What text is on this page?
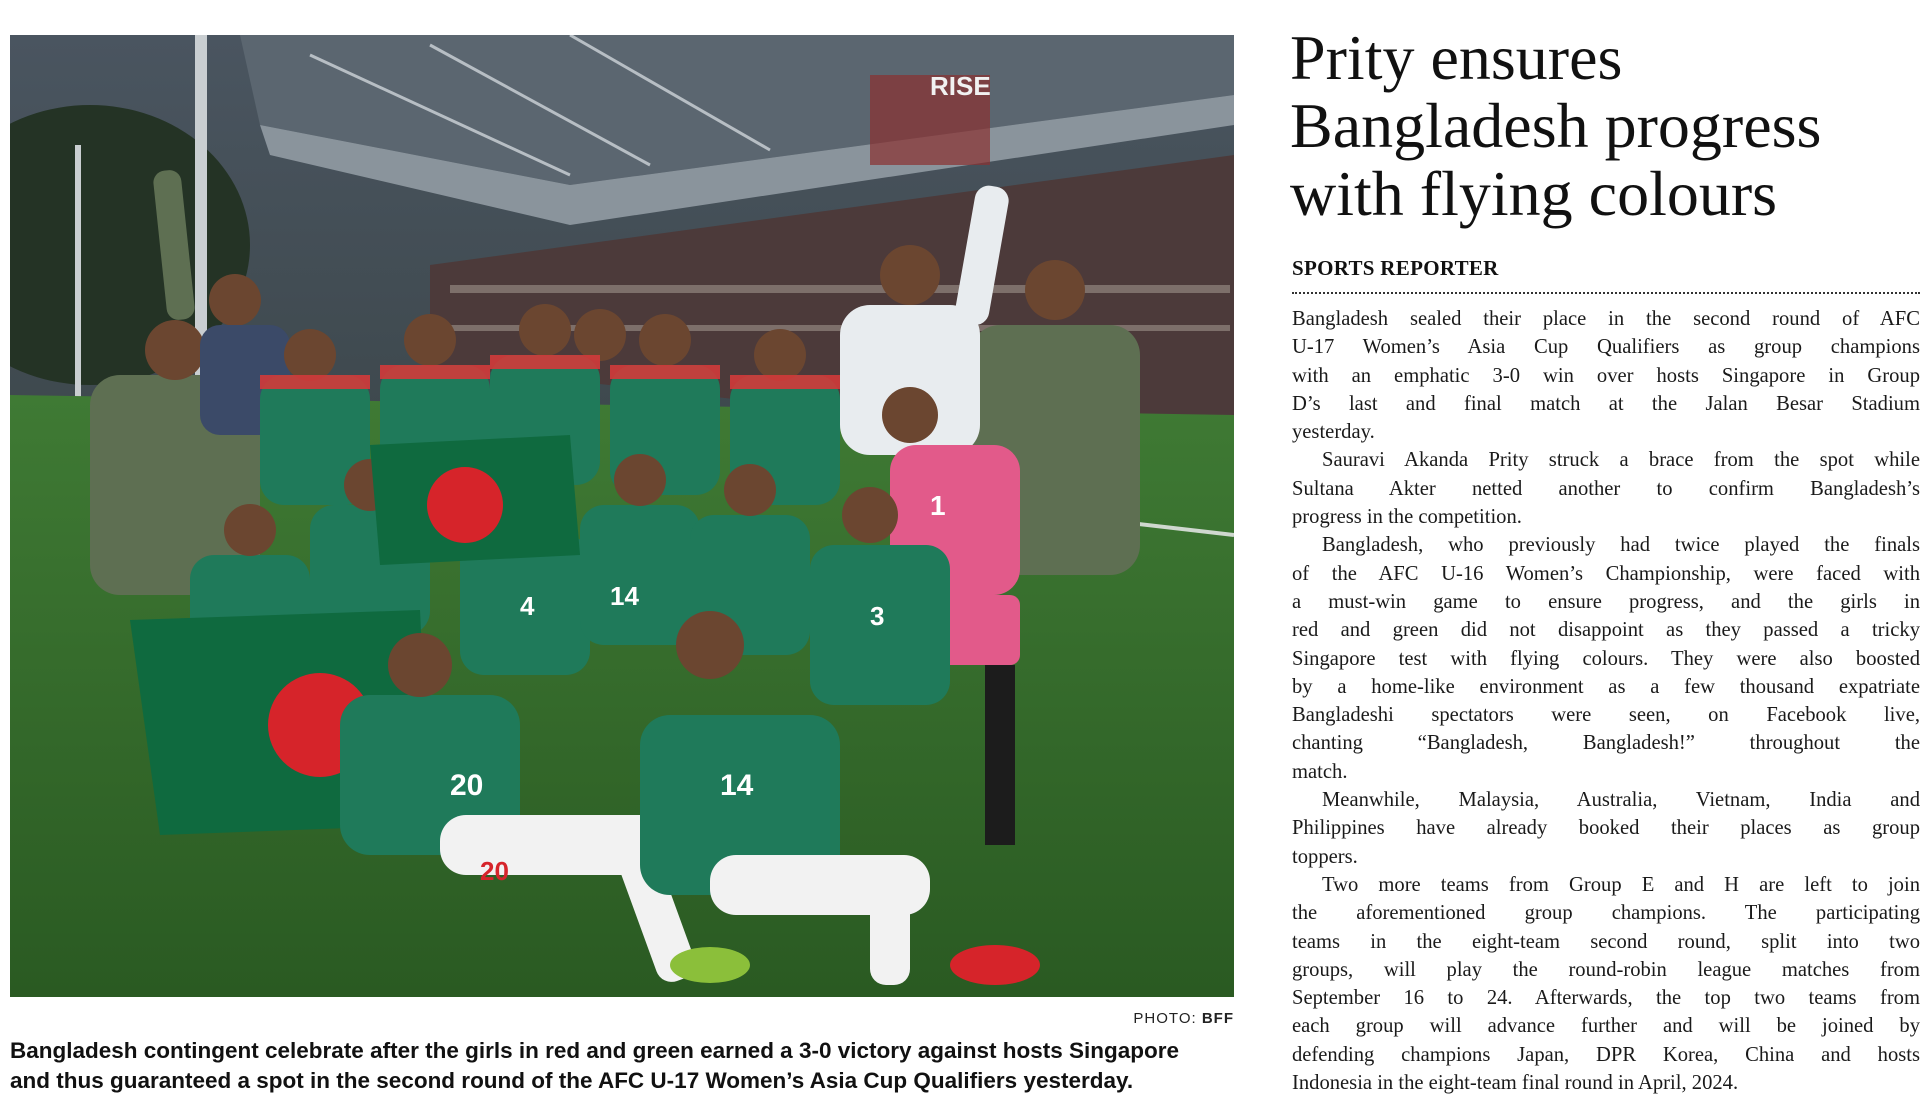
RISE
1
4	14
3
20	14
20
PHOTO: BFF
Bangladesh contingent celebrate after the girls in red and green earned a 3-0 victory against hosts Singapore
and thus guaranteed a spot in the second round of the AFC U-17 Women’s Asia Cup Qualifiers yesterday.
Prity ensures
Bangladesh progress
with flying colours
SPORTS REPORTER
Bangladesh sealed their place in the second round of AFC
U-17 Women’s Asia Cup Qualifiers as group champions
with an emphatic 3-0 win over hosts Singapore in Group
D’s last and final match at the Jalan Besar Stadium
yesterday.
Sauravi Akanda Prity struck a brace from the spot while
Sultana Akter netted another to confirm Bangladesh’s
progress in the competition.
Bangladesh, who previously had twice played the finals
of the AFC U-16 Women’s Championship, were faced with
a must-win game to ensure progress, and the girls in
red and green did not disappoint as they passed a tricky
Singapore test with flying colours. They were also boosted
by a home-like environment as a few thousand expatriate
Bangladeshi spectators were seen, on Facebook live,
chanting “Bangladesh, Bangladesh!” throughout the
match.
Meanwhile, Malaysia, Australia, Vietnam, India and
Philippines have already booked their places as group
toppers.
Two more teams from Group E and H are left to join
the aforementioned group champions. The participating
teams in the eight-team second round, split into two
groups, will play the round-robin league matches from
September 16 to 24. Afterwards, the top two teams from
each group will advance further and will be joined by
defending champions Japan, DPR Korea, China and hosts
Indonesia in the eight-team final round in April, 2024.
